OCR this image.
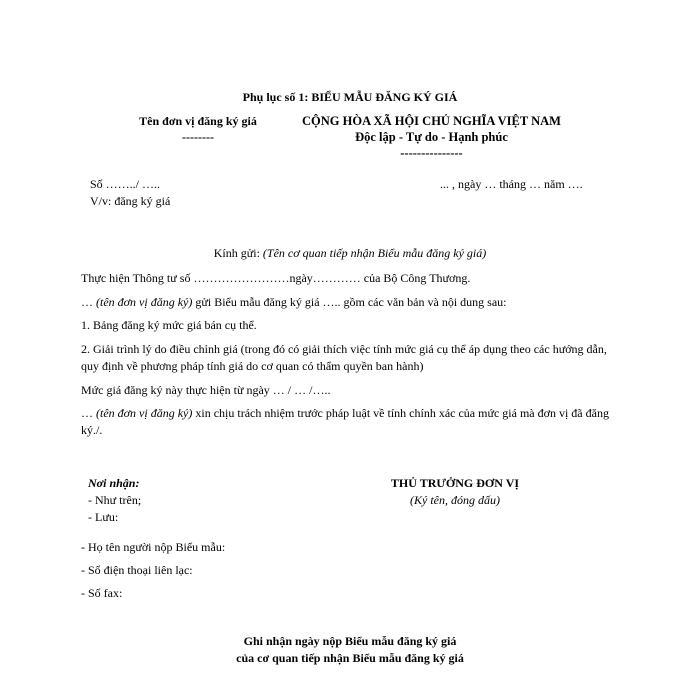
Phụ lục số 1: BIỂU MẪU ĐĂNG KÝ GIÁ
Tên đơn vị đăng ký giá
--------
CỘNG HÒA XÃ HỘI CHỦ NGHĨA VIỆT NAM
Độc lập - Tự do - Hạnh phúc
---------------
Số ……../ …..	... , ngày … tháng … năm ….
V/v: đăng ký giá
Kính gửi: (Tên cơ quan tiếp nhận Biểu mẫu đăng ký giá)
Thực hiện Thông tư số ……………………ngày………… của Bộ Công Thương.
… (tên đơn vị đăng ký) gửi Biểu mẫu đăng ký giá ….. gồm các văn bản và nội dung sau:
1. Bảng đăng ký mức giá bán cụ thể.
2. Giải trình lý do điều chỉnh giá (trong đó có giải thích việc tính mức giá cụ thể áp dụng theo các hướng dẫn, quy định về phương pháp tính giá do cơ quan có thẩm quyền ban hành)
Mức giá đăng ký này thực hiện từ ngày … / … /…..
… (tên đơn vị đăng ký) xin chịu trách nhiệm trước pháp luật về tính chính xác của mức giá mà đơn vị đã đăng ký./.
Nơi nhận:
- Như trên;
- Lưu:
THỦ TRƯỞNG ĐƠN VỊ
(Ký tên, đóng dấu)
- Họ tên người nộp Biểu mẫu:
- Số điện thoại liên lạc:
- Số fax:
Ghi nhận ngày nộp Biểu mẫu đăng ký giá
của cơ quan tiếp nhận Biểu mẫu đăng ký giá
